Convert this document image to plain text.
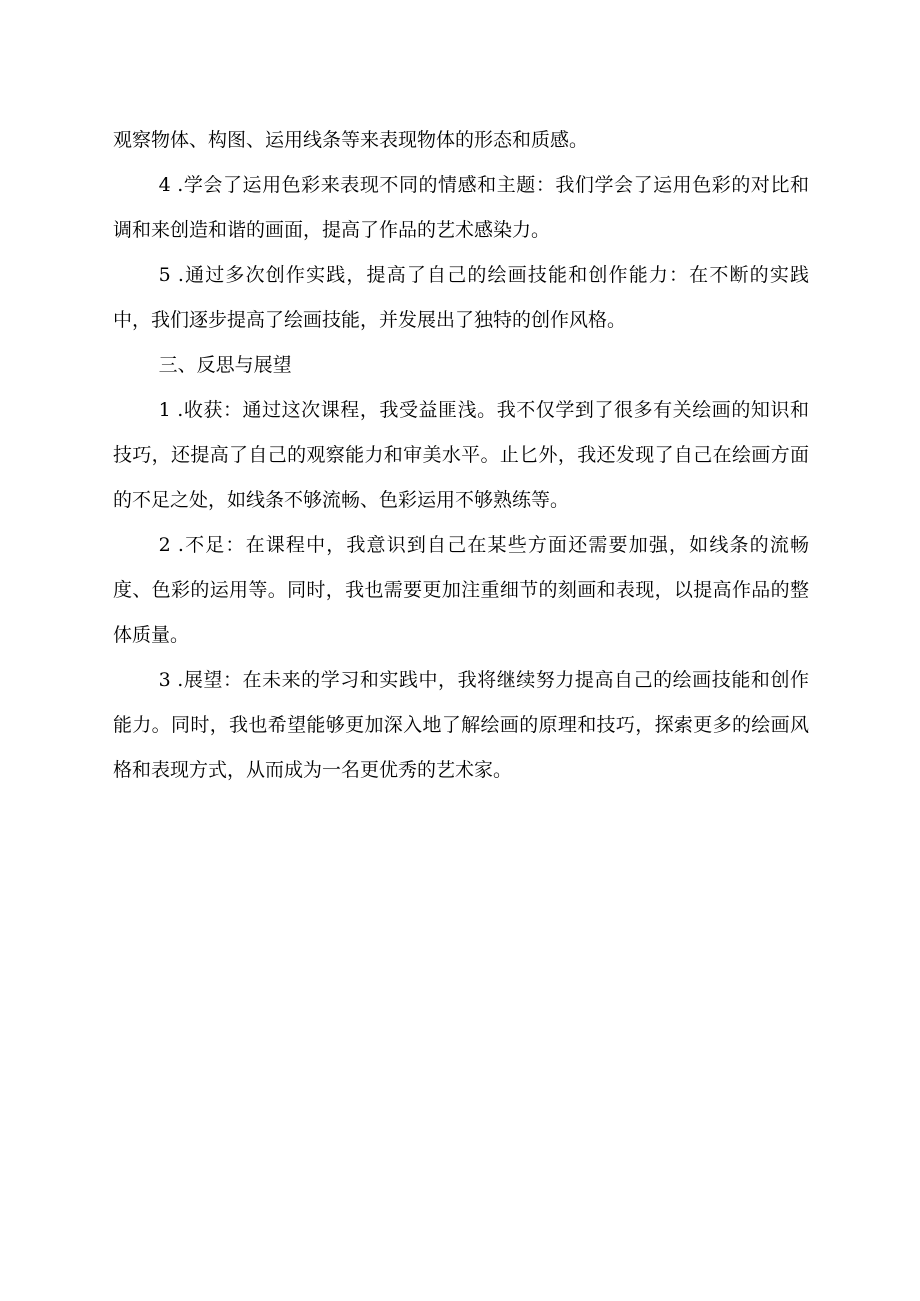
观察物体、构图、运用线条等来表现物体的形态和质感。

4 .学会了运用色彩来表现不同的情感和主题：我们学会了运用色彩的对比和调和来创造和谐的画面，提高了作品的艺术感染力。

5 .通过多次创作实践，提高了自己的绘画技能和创作能力：在不断的实践中，我们逐步提高了绘画技能，并发展出了独特的创作风格。

三、反思与展望

1 .收获：通过这次课程，我受益匪浅。我不仅学到了很多有关绘画的知识和技巧，还提高了自己的观察能力和审美水平。止匕外，我还发现了自己在绘画方面的不足之处，如线条不够流畅、色彩运用不够熟练等。

2 .不足：在课程中，我意识到自己在某些方面还需要加强，如线条的流畅度、色彩的运用等。同时，我也需要更加注重细节的刻画和表现，以提高作品的整体质量。

3 .展望：在未来的学习和实践中，我将继续努力提高自己的绘画技能和创作能力。同时，我也希望能够更加深入地了解绘画的原理和技巧，探索更多的绘画风格和表现方式，从而成为一名更优秀的艺术家。
